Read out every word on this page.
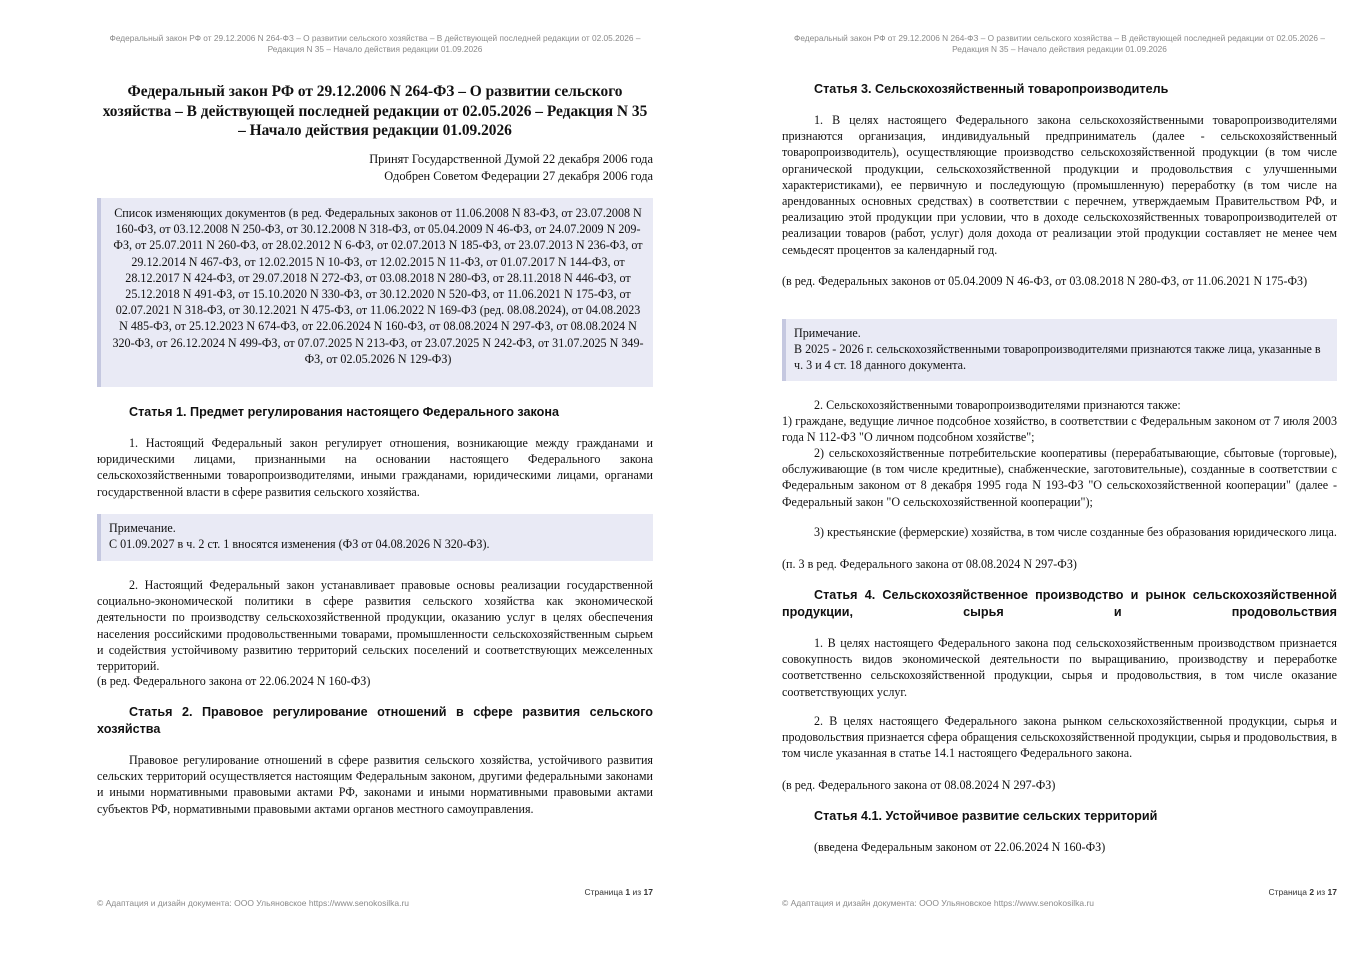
Федеральный закон РФ от 29.12.2006 N 264-ФЗ – О развитии сельского хозяйства – В действующей последней редакции от 02.05.2026 – Редакция N 35 – Начало действия редакции 01.09.2026
Федеральный закон РФ от 29.12.2006 N 264-ФЗ – О развитии сельского хозяйства – В действующей последней редакции от 02.05.2026 – Редакция N 35 – Начало действия редакции 01.09.2026
Принят Государственной Думой 22 декабря 2006 года
Одобрен Советом Федерации 27 декабря 2006 года
Список изменяющих документов (в ред. Федеральных законов от 11.06.2008 N 83-ФЗ, от 23.07.2008 N 160-ФЗ, от 03.12.2008 N 250-ФЗ, от 30.12.2008 N 318-ФЗ, от 05.04.2009 N 46-ФЗ, от 24.07.2009 N 209-ФЗ, от 25.07.2011 N 260-ФЗ, от 28.02.2012 N 6-ФЗ, от 02.07.2013 N 185-ФЗ, от 23.07.2013 N 236-ФЗ, от 29.12.2014 N 467-ФЗ, от 12.02.2015 N 10-ФЗ, от 12.02.2015 N 11-ФЗ, от 01.07.2017 N 144-ФЗ, от 28.12.2017 N 424-ФЗ, от 29.07.2018 N 272-ФЗ, от 03.08.2018 N 280-ФЗ, от 28.11.2018 N 446-ФЗ, от 25.12.2018 N 491-ФЗ, от 15.10.2020 N 330-ФЗ, от 30.12.2020 N 520-ФЗ, от 11.06.2021 N 175-ФЗ, от 02.07.2021 N 318-ФЗ, от 30.12.2021 N 475-ФЗ, от 11.06.2022 N 169-ФЗ (ред. 08.08.2024), от 04.08.2023 N 485-ФЗ, от 25.12.2023 N 674-ФЗ, от 22.06.2024 N 160-ФЗ, от 08.08.2024 N 297-ФЗ, от 08.08.2024 N 320-ФЗ, от 26.12.2024 N 499-ФЗ, от 07.07.2025 N 213-ФЗ, от 23.07.2025 N 242-ФЗ, от 31.07.2025 N 349-ФЗ, от 02.05.2026 N 129-ФЗ)
Статья 1. Предмет регулирования настоящего Федерального закона
1. Настоящий Федеральный закон регулирует отношения, возникающие между гражданами и юридическими лицами, признанными на основании настоящего Федерального закона сельскохозяйственными товаропроизводителями, иными гражданами, юридическими лицами, органами государственной власти в сфере развития сельского хозяйства.
Примечание.
С 01.09.2027 в ч. 2 ст. 1 вносятся изменения (ФЗ от 04.08.2026 N 320-ФЗ).
2. Настоящий Федеральный закон устанавливает правовые основы реализации государственной социально-экономической политики в сфере развития сельского хозяйства как экономической деятельности по производству сельскохозяйственной продукции, оказанию услуг в целях обеспечения населения российскими продовольственными товарами, промышленности сельскохозяйственным сырьем и содействия устойчивому развитию территорий сельских поселений и соответствующих межселенных территорий.
(в ред. Федерального закона от 22.06.2024 N 160-ФЗ)
Статья 2. Правовое регулирование отношений в сфере развития сельского хозяйства
Правовое регулирование отношений в сфере развития сельского хозяйства, устойчивого развития сельских территорий осуществляется настоящим Федеральным законом, другими федеральными законами и иными нормативными правовыми актами РФ, законами и иными нормативными правовыми актами субъектов РФ, нормативными правовыми актами органов местного самоуправления.
Страница 1 из 17
© Адаптация и дизайн документа: ООО Ульяновское https://www.senokosilka.ru
Федеральный закон РФ от 29.12.2006 N 264-ФЗ – О развитии сельского хозяйства – В действующей последней редакции от 02.05.2026 – Редакция N 35 – Начало действия редакции 01.09.2026
Статья 3. Сельскохозяйственный товаропроизводитель
1. В целях настоящего Федерального закона сельскохозяйственными товаропроизводителями признаются организация, индивидуальный предприниматель (далее - сельскохозяйственный товаропроизводитель), осуществляющие производство сельскохозяйственной продукции (в том числе органической продукции, сельскохозяйственной продукции и продовольствия с улучшенными характеристиками), ее первичную и последующую (промышленную) переработку (в том числе на арендованных основных средствах) в соответствии с перечнем, утверждаемым Правительством РФ, и реализацию этой продукции при условии, что в доходе сельскохозяйственных товаропроизводителей от реализации товаров (работ, услуг) доля дохода от реализации этой продукции составляет не менее чем семьдесят процентов за календарный год.
(в ред. Федеральных законов от 05.04.2009 N 46-ФЗ, от 03.08.2018 N 280-ФЗ, от 11.06.2021 N 175-ФЗ)
Примечание.
В 2025 - 2026 г. сельскохозяйственными товаропроизводителями признаются также лица, указанные в ч. 3 и 4 ст. 18 данного документа.
2. Сельскохозяйственными товаропроизводителями признаются также:
1) граждане, ведущие личное подсобное хозяйство, в соответствии с Федеральным законом от 7 июля 2003 года N 112-ФЗ "О личном подсобном хозяйстве";
2) сельскохозяйственные потребительские кооперативы (перерабатывающие, сбытовые (торговые), обслуживающие (в том числе кредитные), снабженческие, заготовительные), созданные в соответствии с Федеральным законом от 8 декабря 1995 года N 193-ФЗ "О сельскохозяйственной кооперации" (далее - Федеральный закон "О сельскохозяйственной кооперации");
3) крестьянские (фермерские) хозяйства, в том числе созданные без образования юридического лица.
(п. 3 в ред. Федерального закона от 08.08.2024 N 297-ФЗ)
Статья 4. Сельскохозяйственное производство и рынок сельскохозяйственной продукции, сырья и продовольствия
1. В целях настоящего Федерального закона под сельскохозяйственным производством признается совокупность видов экономической деятельности по выращиванию, производству и переработке соответственно сельскохозяйственной продукции, сырья и продовольствия, в том числе оказание соответствующих услуг.
2. В целях настоящего Федерального закона рынком сельскохозяйственной продукции, сырья и продовольствия признается сфера обращения сельскохозяйственной продукции, сырья и продовольствия, в том числе указанная в статье 14.1 настоящего Федерального закона.
(в ред. Федерального закона от 08.08.2024 N 297-ФЗ)
Статья 4.1. Устойчивое развитие сельских территорий
(введена Федеральным законом от 22.06.2024 N 160-ФЗ)
Страница 2 из 17
© Адаптация и дизайн документа: ООО Ульяновское https://www.senokosilka.ru
